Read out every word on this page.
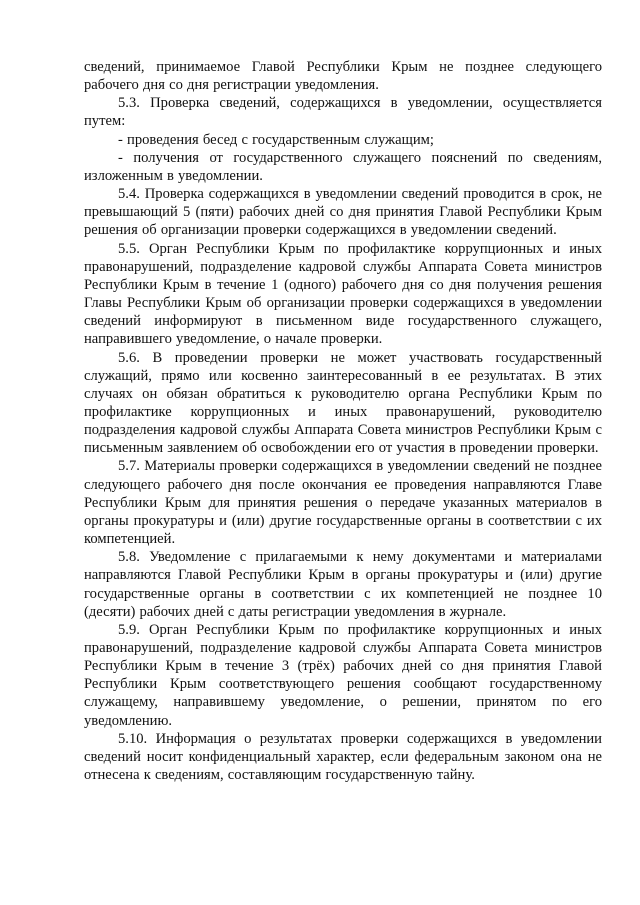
сведений, принимаемое Главой Республики Крым не позднее следующего рабочего дня со дня регистрации уведомления.

5.3. Проверка сведений, содержащихся в уведомлении, осуществляется путем:

- проведения бесед с государственным служащим;

- получения от государственного служащего пояснений по сведениям, изложенным в уведомлении.

5.4. Проверка содержащихся в уведомлении сведений проводится в срок, не превышающий 5 (пяти) рабочих дней со дня принятия Главой Республики Крым решения об организации проверки содержащихся в уведомлении сведений.

5.5. Орган Республики Крым по профилактике коррупционных и иных правонарушений, подразделение кадровой службы Аппарата Совета министров Республики Крым в течение 1 (одного) рабочего дня со дня получения решения Главы Республики Крым об организации проверки содержащихся в уведомлении сведений информируют в письменном виде государственного служащего, направившего уведомление, о начале проверки.

5.6. В проведении проверки не может участвовать государственный служащий, прямо или косвенно заинтересованный в ее результатах. В этих случаях он обязан обратиться к руководителю органа Республики Крым по профилактике коррупционных и иных правонарушений, руководителю подразделения кадровой службы Аппарата Совета министров Республики Крым с письменным заявлением об освобождении его от участия в проведении проверки.

5.7. Материалы проверки содержащихся в уведомлении сведений не позднее следующего рабочего дня после окончания ее проведения направляются Главе Республики Крым для принятия решения о передаче указанных материалов в органы прокуратуры и (или) другие государственные органы в соответствии с их компетенцией.

5.8. Уведомление с прилагаемыми к нему документами и материалами направляются Главой Республики Крым в органы прокуратуры и (или) другие государственные органы в соответствии с их компетенцией не позднее 10 (десяти) рабочих дней с даты регистрации уведомления в журнале.

5.9. Орган Республики Крым по профилактике коррупционных и иных правонарушений, подразделение кадровой службы Аппарата Совета министров Республики Крым в течение 3 (трёх) рабочих дней со дня принятия Главой Республики Крым соответствующего решения сообщают государственному служащему, направившему уведомление, о решении, принятом по его уведомлению.

5.10. Информация о результатах проверки содержащихся в уведомлении сведений носит конфиденциальный характер, если федеральным законом она не отнесена к сведениям, составляющим государственную тайну.
